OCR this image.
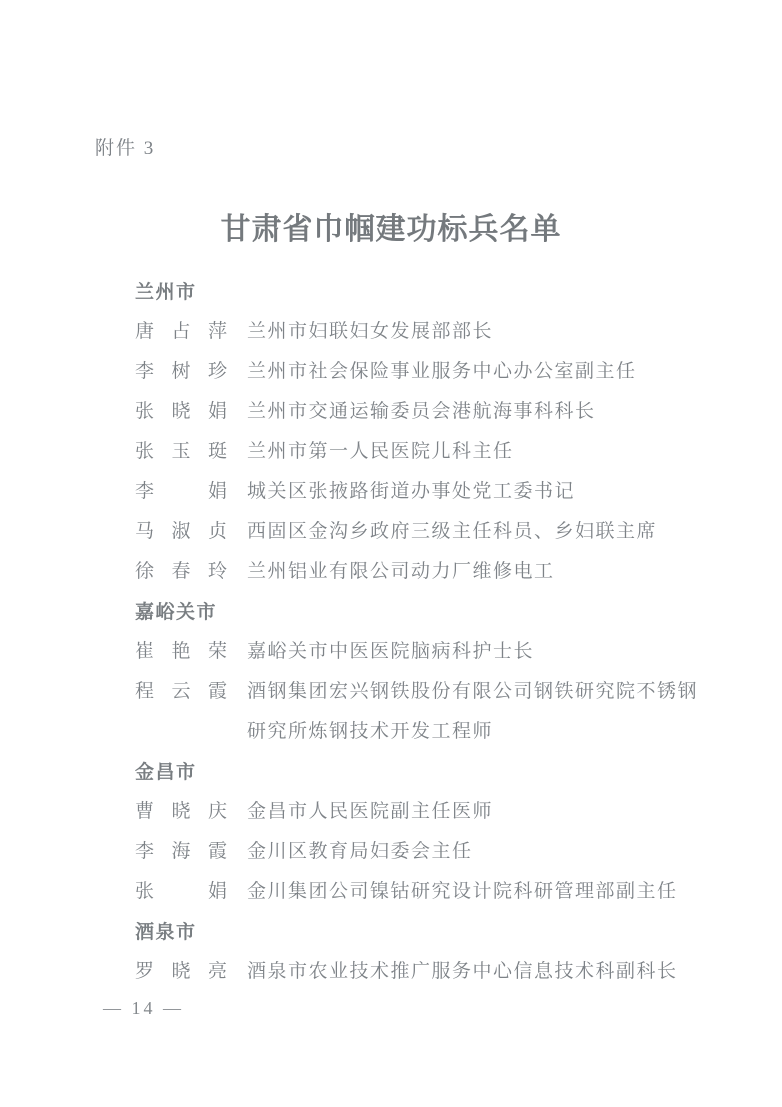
附件 3
甘肃省巾帼建功标兵名单
兰州市
唐占萍 兰州市妇联妇女发展部部长
李树珍 兰州市社会保险事业服务中心办公室副主任
张晓娟 兰州市交通运输委员会港航海事科科长
张玉珽 兰州市第一人民医院儿科主任
李娟 城关区张掖路街道办事处党工委书记
马淑贞 西固区金沟乡政府三级主任科员、乡妇联主席
徐春玲 兰州铝业有限公司动力厂维修电工
嘉峪关市
崔艳荣 嘉峪关市中医医院脑病科护士长
程云霞 酒钢集团宏兴钢铁股份有限公司钢铁研究院不锈钢研究所炼钢技术开发工程师
金昌市
曹晓庆 金昌市人民医院副主任医师
李海霞 金川区教育局妇委会主任
张娟 金川集团公司镍钴研究设计院科研管理部副主任
酒泉市
罗晓亮 酒泉市农业技术推广服务中心信息技术科副科长
— 14 —
